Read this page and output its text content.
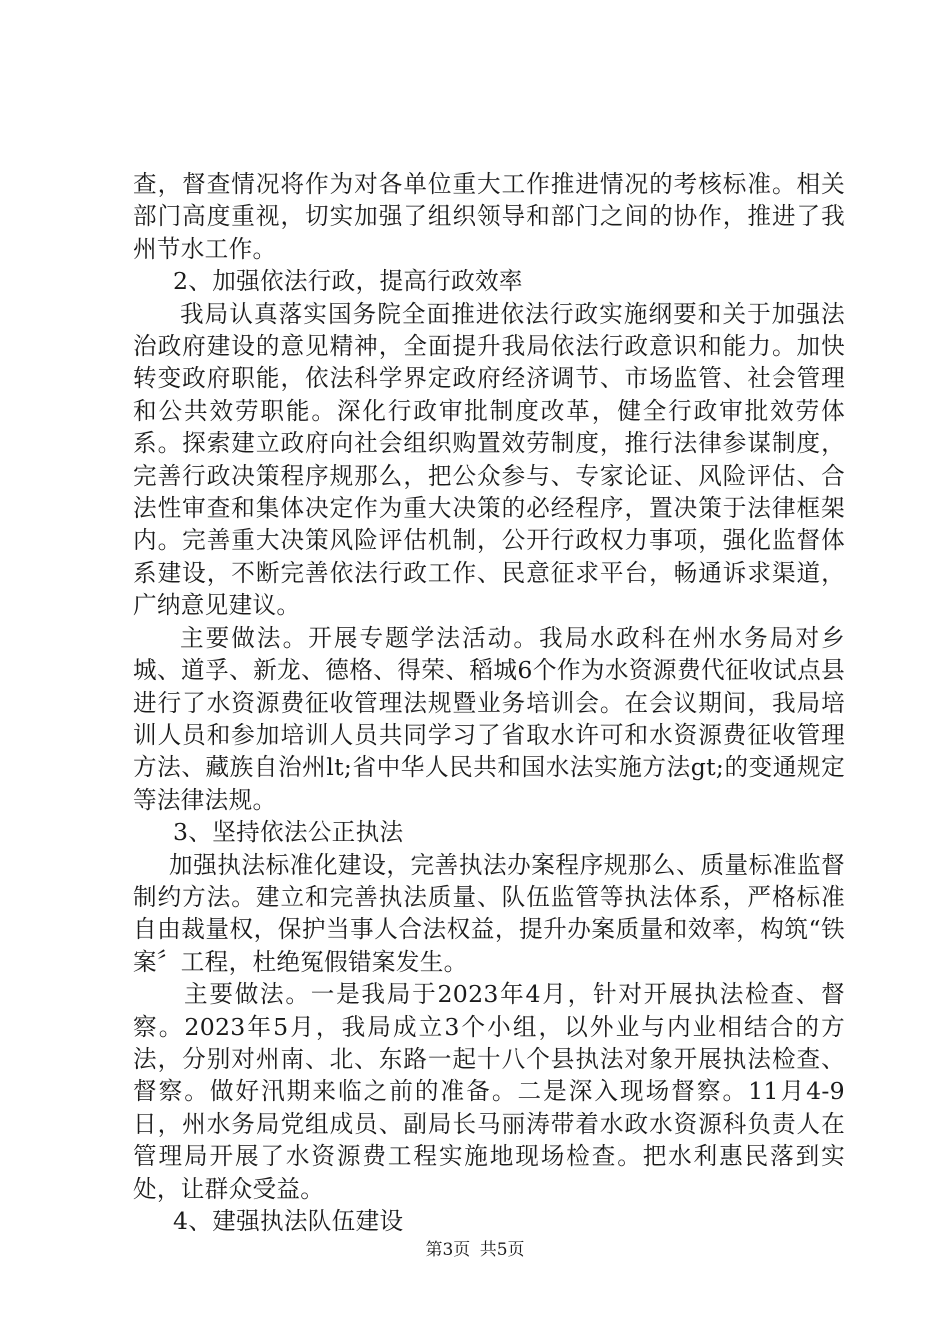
查，督查情况将作为对各单位重大工作推进情况的考核标准。相关部门高度重视，切实加强了组织领导和部门之间的协作，推进了我州节水工作。

2、加强依法行政，提高行政效率

我局认真落实国务院全面推进依法行政实施纲要和关于加强法治政府建设的意见精神，全面提升我局依法行政意识和能力。加快转变政府职能，依法科学界定政府经济调节、市场监管、社会管理和公共效劳职能。深化行政审批制度改革，健全行政审批效劳体系。探索建立政府向社会组织购置效劳制度，推行法律参谋制度，完善行政决策程序规那么，把公众参与、专家论证、风险评估、合法性审查和集体决定作为重大决策的必经程序，置决策于法律框架内。完善重大决策风险评估机制，公开行政权力事项，强化监督体系建设，不断完善依法行政工作、民意征求平台，畅通诉求渠道，广纳意见建议。

主要做法。开展专题学法活动。我局水政科在州水务局对乡城、道孚、新龙、德格、得荣、稻城6个作为水资源费代征收试点县进行了水资源费征收管理法规暨业务培训会。在会议期间，我局培训人员和参加培训人员共同学习了省取水许可和水资源费征收管理方法、藏族自治州lt;省中华人民共和国水法实施方法gt;的变通规定等法律法规。

3、坚持依法公正执法

加强执法标准化建设，完善执法办案程序规那么、质量标准监督制约方法。建立和完善执法质量、队伍监管等执法体系，严格标准自由裁量权，保护当事人合法权益，提升办案质量和效率，构筑“铁案〞工程，杜绝冤假错案发生。

主要做法。一是我局于2023年4月，针对开展执法检查、督察。2023年5月，我局成立3个小组，以外业与内业相结合的方法，分别对州南、北、东路一起十八个县执法对象开展执法检查、督察。做好汛期来临之前的准备。二是深入现场督察。11月4-9日，州水务局党组成员、副局长马丽涛带着水政水资源科负责人在管理局开展了水资源费工程实施地现场检查。把水利惠民落到实处，让群众受益。

4、建强执法队伍建设

第3页 共5页
